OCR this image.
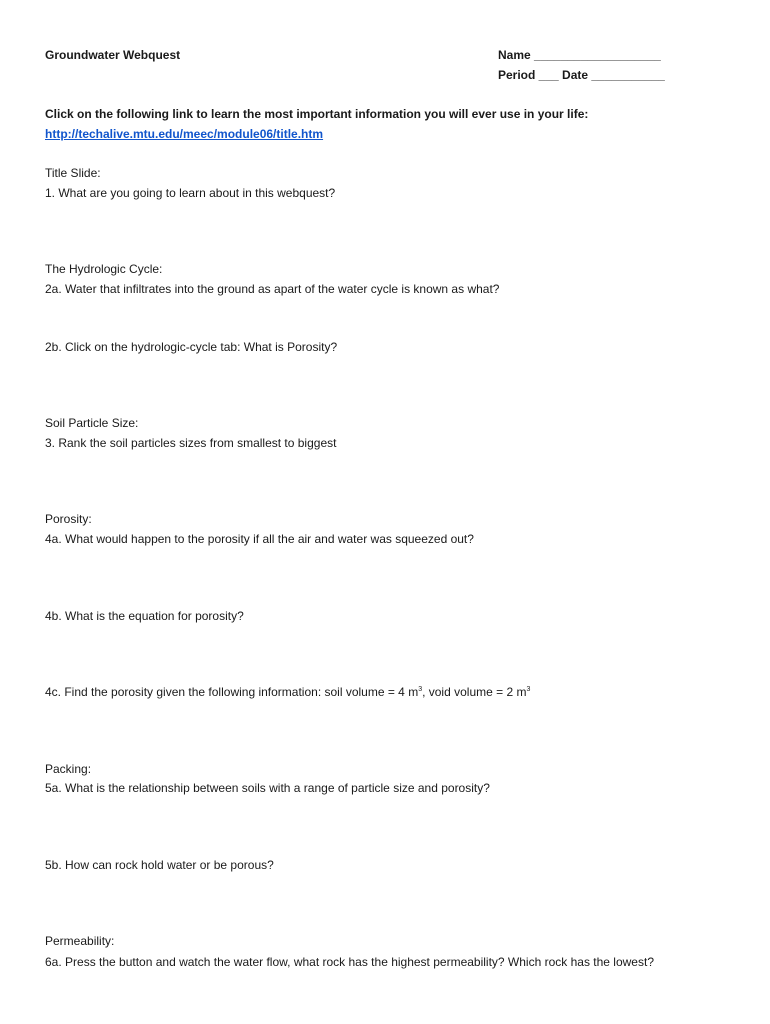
Groundwater Webquest	Name ___________________
Period ___ Date ___________
Click on the following link to learn the most important information you will ever use in your life:
http://techalive.mtu.edu/meec/module06/title.htm
Title Slide:
1. What are you going to learn about in this webquest?
The Hydrologic Cycle:
2a. Water that infiltrates into the ground as apart of the water cycle is known as what?
2b. Click on the hydrologic-cycle tab: What is Porosity?
Soil Particle Size:
3. Rank the soil particles sizes from smallest to biggest
Porosity:
4a. What would happen to the porosity if all the air and water was squeezed out?
4b. What is the equation for porosity?
4c. Find the porosity given the following information: soil volume = 4 $m^3$, void volume = 2 $m^3$
Packing:
5a. What is the relationship between soils with a range of particle size and porosity?
5b. How can rock hold water or be porous?
Permeability:
6a. Press the button and watch the water flow, what rock has the highest permeability? Which rock has the lowest?
